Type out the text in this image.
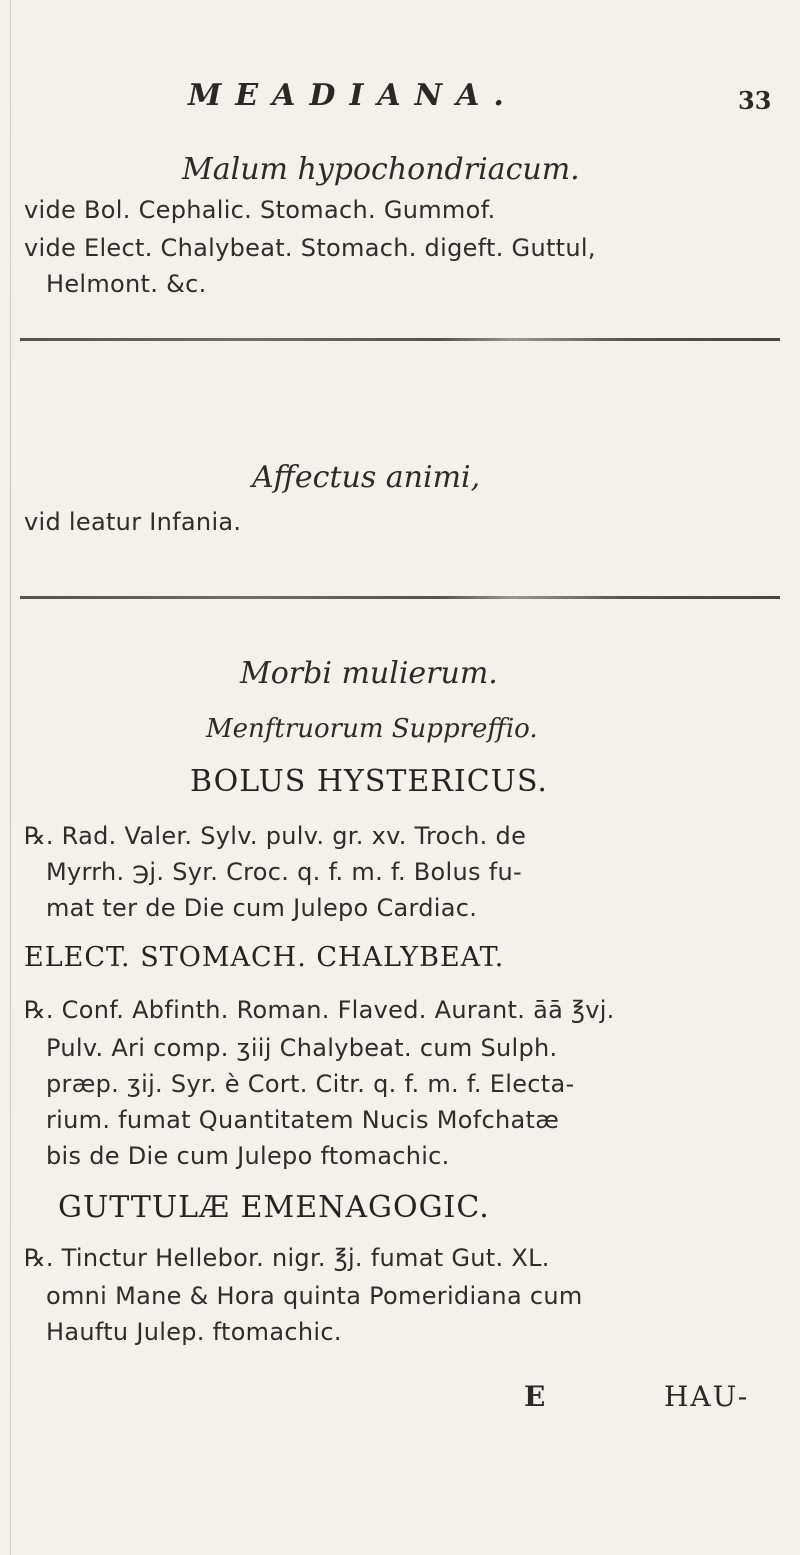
MEADIANA.	33
Malum hypochondriacum.
vide Bol. Cephalic. Stomach. Gummof.
vide Elect. Chalybeat. Stomach. digeft. Guttul,
Helmont. &c.
Affectus animi,
vid leatur Infania.
Morbi mulierum.
Menftruorum Suppreffio.
BOLUS HYSTERICUS.
℞. Rad. Valer. Sylv. pulv. gr. xv. Troch. de
Myrrh. ℈j. Syr. Croc. q. f. m. f. Bolus fu-
mat ter de Die cum Julepo Cardiac.
ELECT. STOMACH. CHALYBEAT.
℞. Conf. Abfinth. Roman. Flaved. Aurant. āā ℥vj.
Pulv. Ari comp. ʒiij Chalybeat. cum Sulph.
præp. ʒij. Syr. è Cort. Citr. q. f. m. f. Electa-
rium. fumat Quantitatem Nucis Mofchatæ
bis de Die cum Julepo ftomachic.
GUTTULÆ EMENAGOGIC.
℞. Tinctur Hellebor. nigr. ℥j. fumat Gut. XL.
omni Mane & Hora quinta Pomeridiana cum
Hauftu Julep. ftomachic.
E	HAU-
